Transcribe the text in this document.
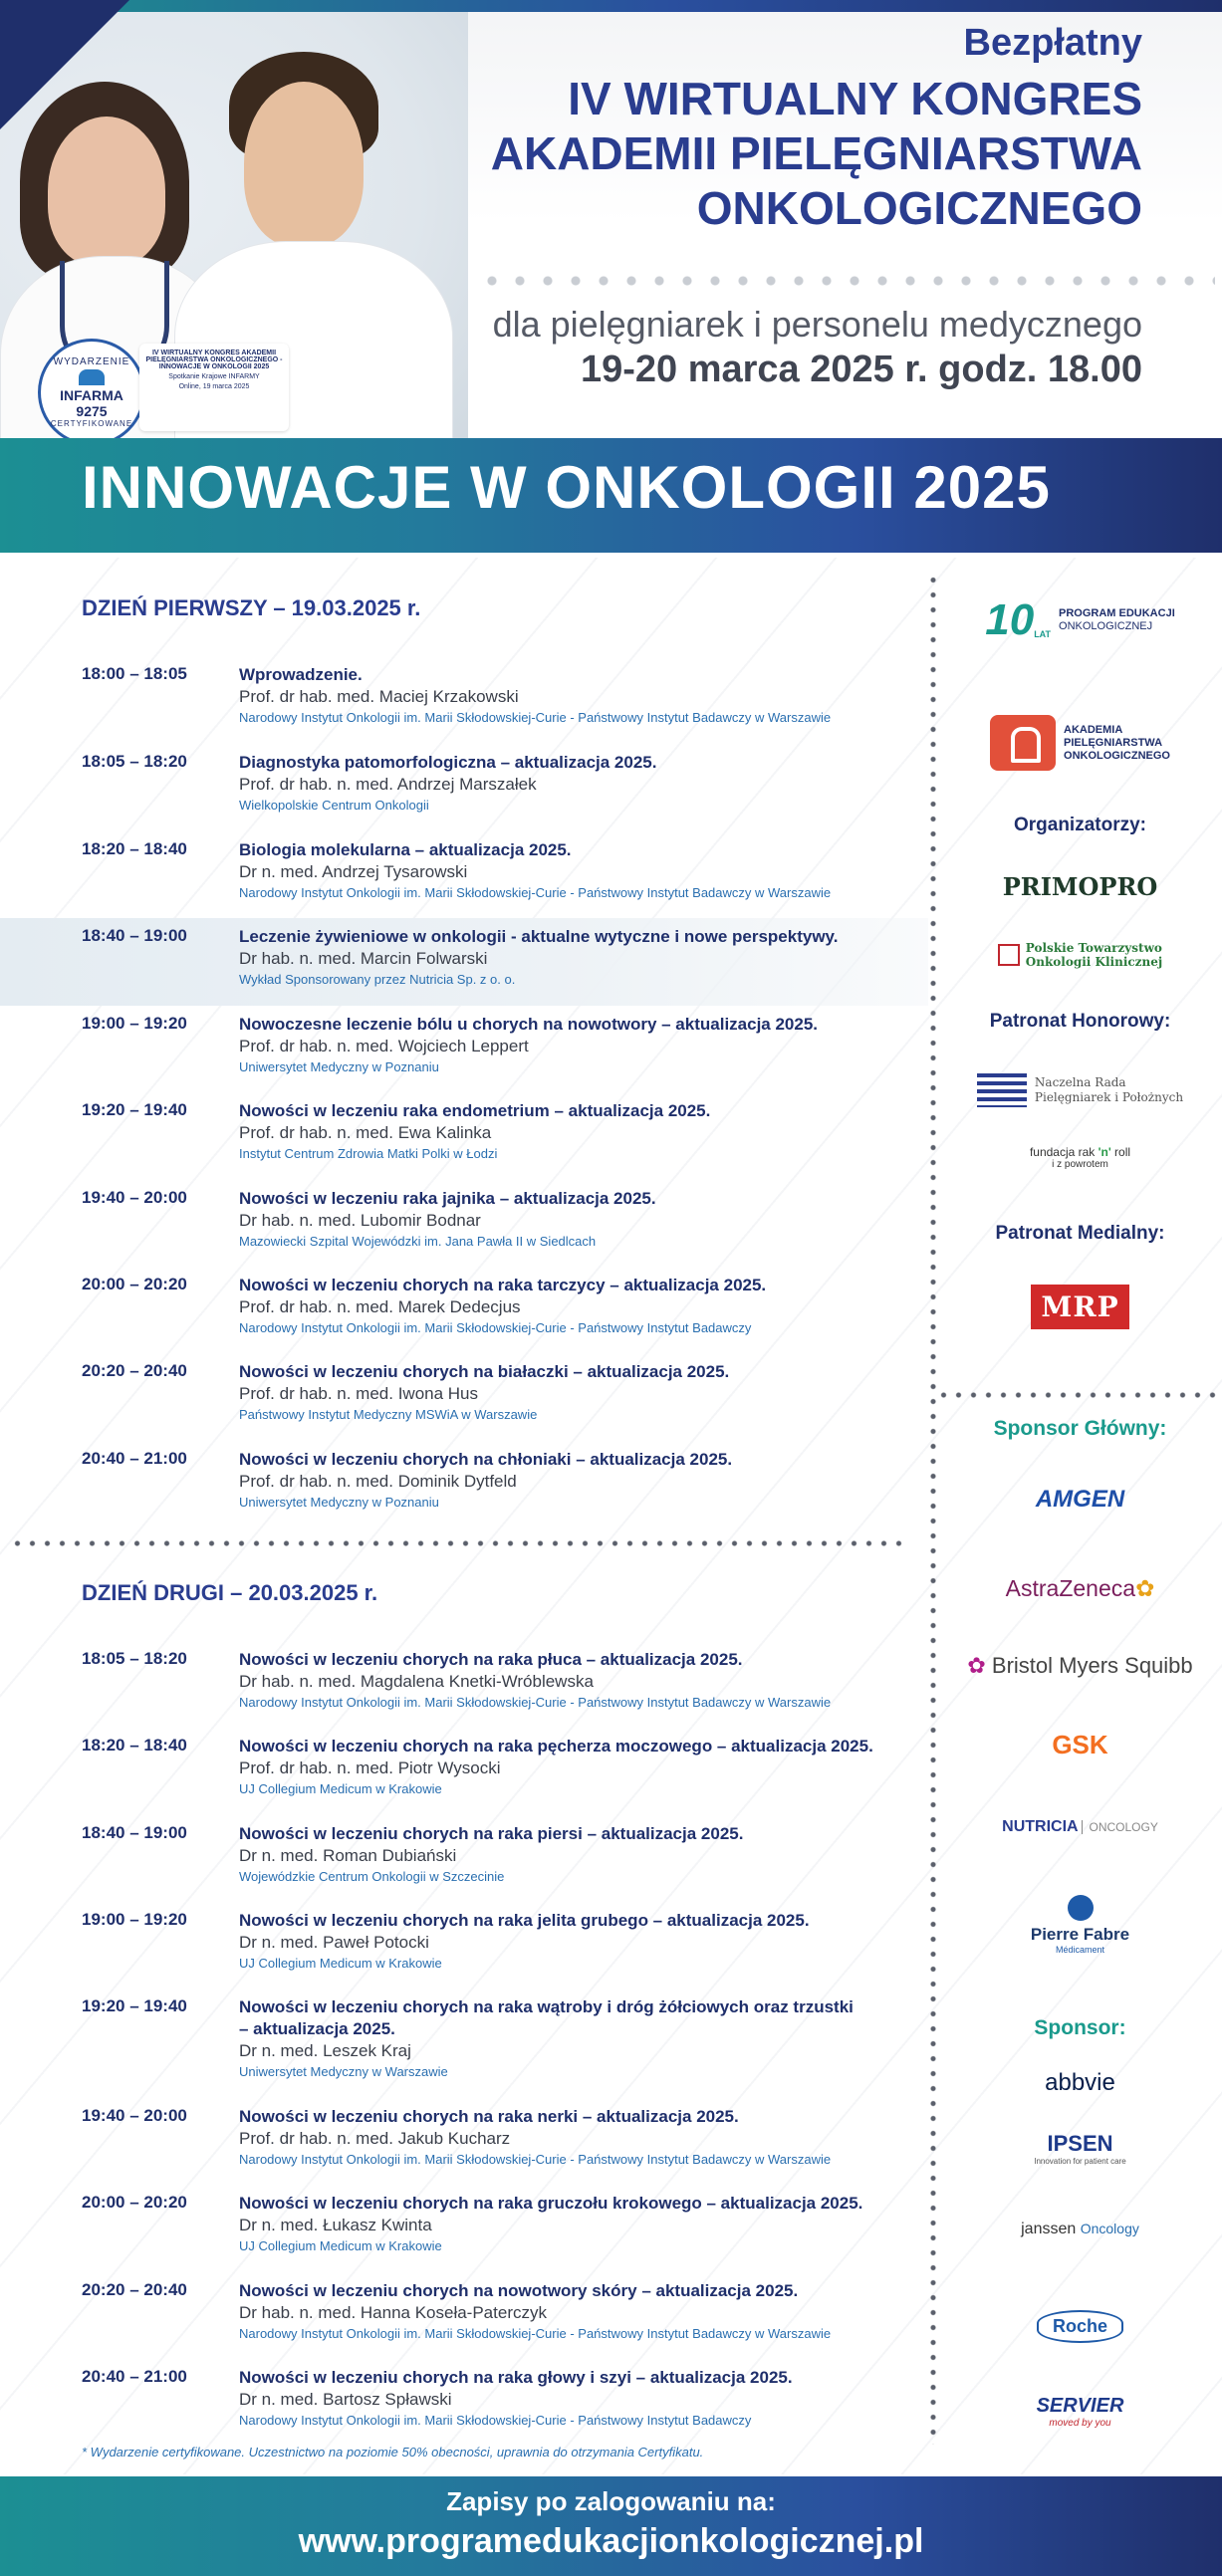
WYDARZENIE
INFARMA
9275
CERTYFIKOWANE
IV WIRTUALNY KONGRES AKADEMII PIELĘGNIARSTWA ONKOLOGICZNEGO - INNOWACJE W ONKOLOGII 2025
Spotkanie Krajowe INFARMY
Online, 19 marca 2025
Bezpłatny
IV WIRTUALNY KONGRES
AKADEMII PIELĘGNIARSTWA
ONKOLOGICZNEGO
dla pielęgniarek i personelu medycznego
19-20 marca 2025 r. godz. 18.00
INNOWACJE W ONKOLOGII 2025
DZIEŃ PIERWSZY – 19.03.2025 r.
18:00 – 18:05	Wprowadzenie.
Prof. dr hab. med. Maciej Krzakowski
Narodowy Instytut Onkologii im. Marii Skłodowskiej-Curie - Państwowy Instytut Badawczy w Warszawie
18:05 – 18:20	Diagnostyka patomorfologiczna – aktualizacja 2025.
Prof. dr hab. n. med. Andrzej Marszałek
Wielkopolskie Centrum Onkologii
18:20 – 18:40	Biologia molekularna – aktualizacja 2025.
Dr n. med. Andrzej Tysarowski
Narodowy Instytut Onkologii im. Marii Skłodowskiej-Curie - Państwowy Instytut Badawczy w Warszawie
18:40 – 19:00	Leczenie żywieniowe w onkologii - aktualne wytyczne i nowe perspektywy.
Dr hab. n. med. Marcin Folwarski
Wykład Sponsorowany przez Nutricia Sp. z o. o.
19:00 – 19:20	Nowoczesne leczenie bólu u chorych na nowotwory – aktualizacja 2025.
Prof. dr hab. n. med. Wojciech Leppert
Uniwersytet Medyczny w Poznaniu
19:20 – 19:40	Nowości w leczeniu raka endometrium – aktualizacja 2025.
Prof. dr hab. n. med. Ewa Kalinka
Instytut Centrum Zdrowia Matki Polki w Łodzi
19:40 – 20:00	Nowości w leczeniu raka jajnika – aktualizacja 2025.
Dr hab. n. med. Lubomir Bodnar
Mazowiecki Szpital Wojewódzki im. Jana Pawła II w Siedlcach
20:00 – 20:20	Nowości w leczeniu chorych na raka tarczycy – aktualizacja 2025.
Prof. dr hab. n. med. Marek Dedecjus
Narodowy Instytut Onkologii im. Marii Skłodowskiej-Curie - Państwowy Instytut Badawczy
20:20 – 20:40	Nowości w leczeniu chorych na białaczki – aktualizacja 2025.
Prof. dr hab. n. med. Iwona Hus
Państwowy Instytut Medyczny MSWiA w Warszawie
20:40 – 21:00	Nowości w leczeniu chorych na chłoniaki – aktualizacja 2025.
Prof. dr hab. n. med. Dominik Dytfeld
Uniwersytet Medyczny w Poznaniu
DZIEŃ DRUGI – 20.03.2025 r.
18:05 – 18:20	Nowości w leczeniu chorych na raka płuca – aktualizacja 2025.
Dr hab. n. med. Magdalena Knetki-Wróblewska
Narodowy Instytut Onkologii im. Marii Skłodowskiej-Curie - Państwowy Instytut Badawczy w Warszawie
18:20 – 18:40	Nowości w leczeniu chorych na raka pęcherza moczowego – aktualizacja 2025.
Prof. dr hab. n. med. Piotr Wysocki
UJ Collegium Medicum w Krakowie
18:40 – 19:00	Nowości w leczeniu chorych na raka piersi – aktualizacja 2025.
Dr n. med. Roman Dubiański
Wojewódzkie Centrum Onkologii w Szczecinie
19:00 – 19:20	Nowości w leczeniu chorych na raka jelita grubego – aktualizacja 2025.
Dr n. med. Paweł Potocki
UJ Collegium Medicum w Krakowie
19:20 – 19:40	Nowości w leczeniu chorych na raka wątroby i dróg żółciowych oraz trzustki
– aktualizacja 2025.
Dr n. med. Leszek Kraj
Uniwersytet Medyczny w Warszawie
19:40 – 20:00	Nowości w leczeniu chorych na raka nerki – aktualizacja 2025.
Prof. dr hab. n. med. Jakub Kucharz
Narodowy Instytut Onkologii im. Marii Skłodowskiej-Curie - Państwowy Instytut Badawczy w Warszawie
20:00 – 20:20	Nowości w leczeniu chorych na raka gruczołu krokowego – aktualizacja 2025.
Dr n. med. Łukasz Kwinta
UJ Collegium Medicum w Krakowie
20:20 – 20:40	Nowości w leczeniu chorych na nowotwory skóry – aktualizacja 2025.
Dr hab. n. med. Hanna Koseła-Paterczyk
Narodowy Instytut Onkologii im. Marii Skłodowskiej-Curie - Państwowy Instytut Badawczy w Warszawie
20:40 – 21:00	Nowości w leczeniu chorych na raka głowy i szyi – aktualizacja 2025.
Dr n. med. Bartosz Spławski
Narodowy Instytut Onkologii im. Marii Skłodowskiej-Curie - Państwowy Instytut Badawczy
* Wydarzenie certyfikowane. Uczestnictwo na poziomie 50% obecności, uprawnia do otrzymania Certyfikatu.
10 LAT
PROGRAM EDUKACJI
ONKOLOGICZNEJ
AKADEMIA
PIELĘGNIARSTWA
ONKOLOGICZNEGO
Organizatorzy:
PRIMOPRO
Polskie Towarzystwo
Onkologii Klinicznej
Patronat Honorowy:
Naczelna Rada
Pielęgniarek i Położnych
fundacja rak 'n' roll
i z powrotem
Patronat Medialny:
MRP
Sponsor Główny:
AMGEN
AstraZeneca✿
✿ Bristol Myers Squibb
GSK
NUTRICIA ONCOLOGY
Pierre Fabre
Médicament
Sponsor:
abbvie
IPSEN
Innovation for patient care
janssen Oncology
Roche
SERVIER
moved by you
Zapisy po zalogowaniu na:
www.programedukacjionkologicznej.pl
